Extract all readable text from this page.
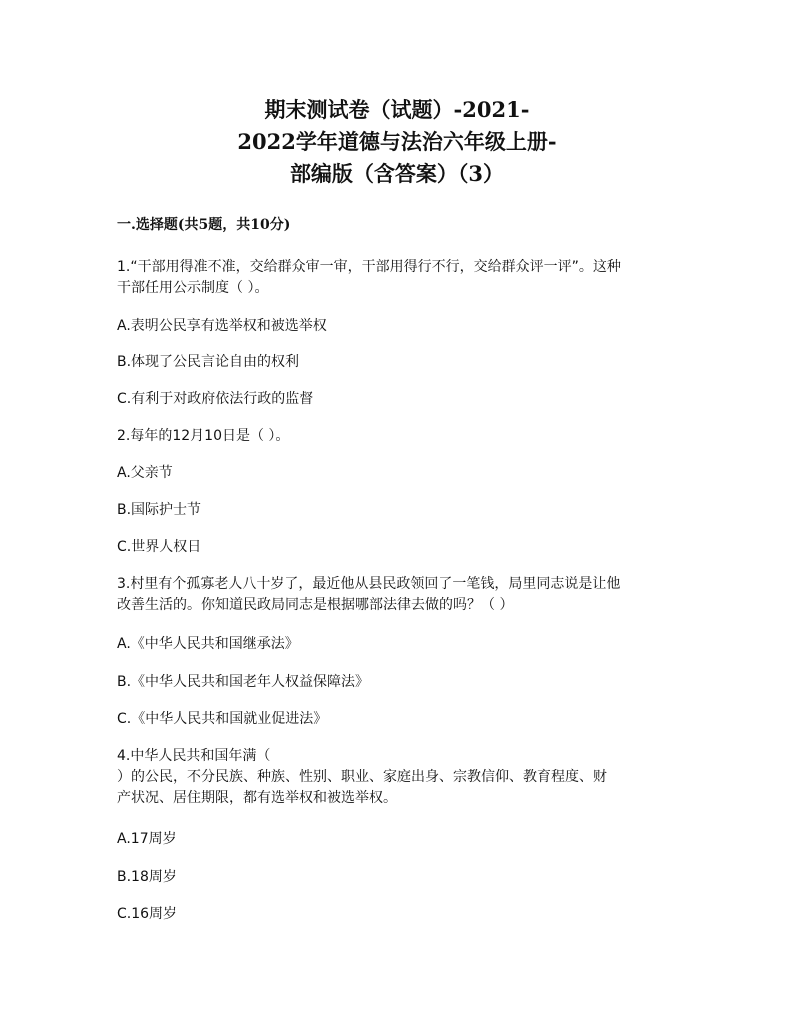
期末测试卷（试题）-2021-
2022学年道德与法治六年级上册-
部编版（含答案）（3）
一.选择题(共5题，共10分)
1.“干部用得准不准，交给群众审一审，干部用得行不行，交给群众评一评”。这种
干部任用公示制度（ ）。
A.表明公民享有选举权和被选举权
B.体现了公民言论自由的权利
C.有利于对政府依法行政的监督
2.每年的12月10日是（ ）。
A.父亲节
B.国际护士节
C.世界人权日
3.村里有个孤寡老人八十岁了，最近他从县民政领回了一笔钱，局里同志说是让他
改善生活的。你知道民政局同志是根据哪部法律去做的吗？（ ）
A.《中华人民共和国继承法》
B.《中华人民共和国老年人权益保障法》
C.《中华人民共和国就业促进法》
4.中华人民共和国年满（
）的公民，不分民族、种族、性别、职业、家庭出身、宗教信仰、教育程度、财
产状况、居住期限，都有选举权和被选举权。
A.17周岁
B.18周岁
C.16周岁
